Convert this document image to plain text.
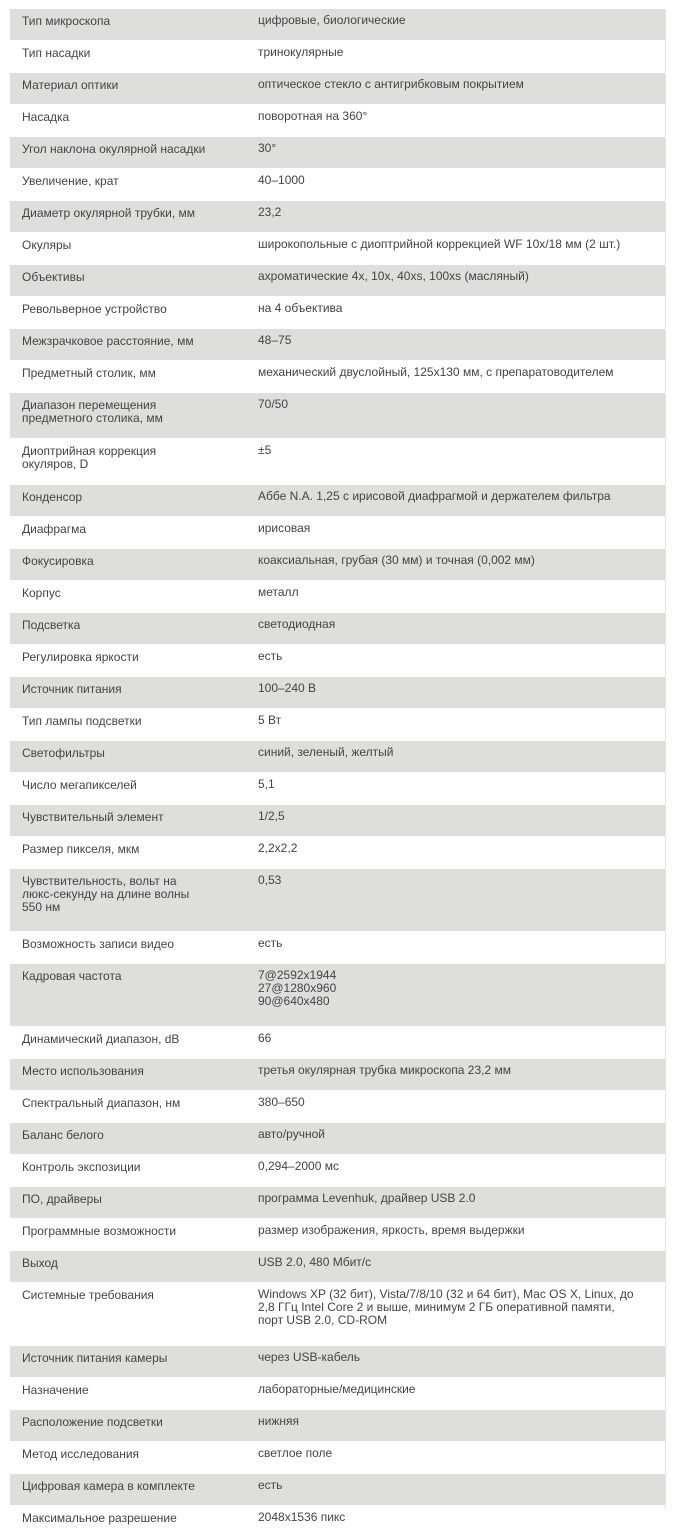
Тип микроскопа	цифровые, биологические
Тип насадки	тринокулярные
Материал оптики	оптическое стекло с антигрибковым покрытием
Насадка	поворотная на 360°
Угол наклона окулярной насадки	30°
Увеличение, крат	40–1000
Диаметр окулярной трубки, мм	23,2
Окуляры	широкопольные с диоптрийной коррекцией WF 10x/18 мм (2 шт.)
Объективы	ахроматические 4x, 10x, 40xs, 100xs (масляный)
Револьверное устройство	на 4 объектива
Межзрачковое расстояние, мм	48–75
Предметный столик, мм	механический двуслойный, 125x130 мм, с препаратоводителем
Диапазон перемещения
предметного столика, мм	70/50
Диоптрийная коррекция
окуляров, D	±5
Конденсор	Аббе N.A. 1,25 с ирисовой диафрагмой и держателем фильтра
Диафрагма	ирисовая
Фокусировка	коаксиальная, грубая (30 мм) и точная (0,002 мм)
Корпус	металл
Подсветка	светодиодная
Регулировка яркости	есть
Источник питания	100–240 В
Тип лампы подсветки	5 Вт
Светофильтры	синий, зеленый, желтый
Число мегапикселей	5,1
Чувствительный элемент	1/2,5
Размер пикселя, мкм	2,2x2,2
Чувствительность, вольт на
люкс-секунду на длине волны
550 нм	0,53
Возможность записи видео	есть
Кадровая частота	7@2592x1944
27@1280x960
90@640x480
Динамический диапазон, dB	66
Место использования	третья окулярная трубка микроскопа 23,2 мм
Спектральный диапазон, нм	380–650
Баланс белого	авто/ручной
Контроль экспозиции	0,294–2000 мс
ПО, драйверы	программа Levenhuk, драйвер USB 2.0
Программные возможности	размер изображения, яркость, время выдержки
Выход	USB 2.0, 480 Мбит/с
Системные требования	Windows XP (32 бит), Vista/7/8/10 (32 и 64 бит), Mac OS X, Linux, до
2,8 ГГц Intel Core 2 и выше, минимум 2 ГБ оперативной памяти,
порт USB 2.0, CD-ROM
Источник питания камеры	через USB-кабель
Назначение	лабораторные/медицинские
Расположение подсветки	нижняя
Метод исследования	светлое поле
Цифровая камера в комплекте	есть
Максимальное разрешение	2048x1536 пикс
